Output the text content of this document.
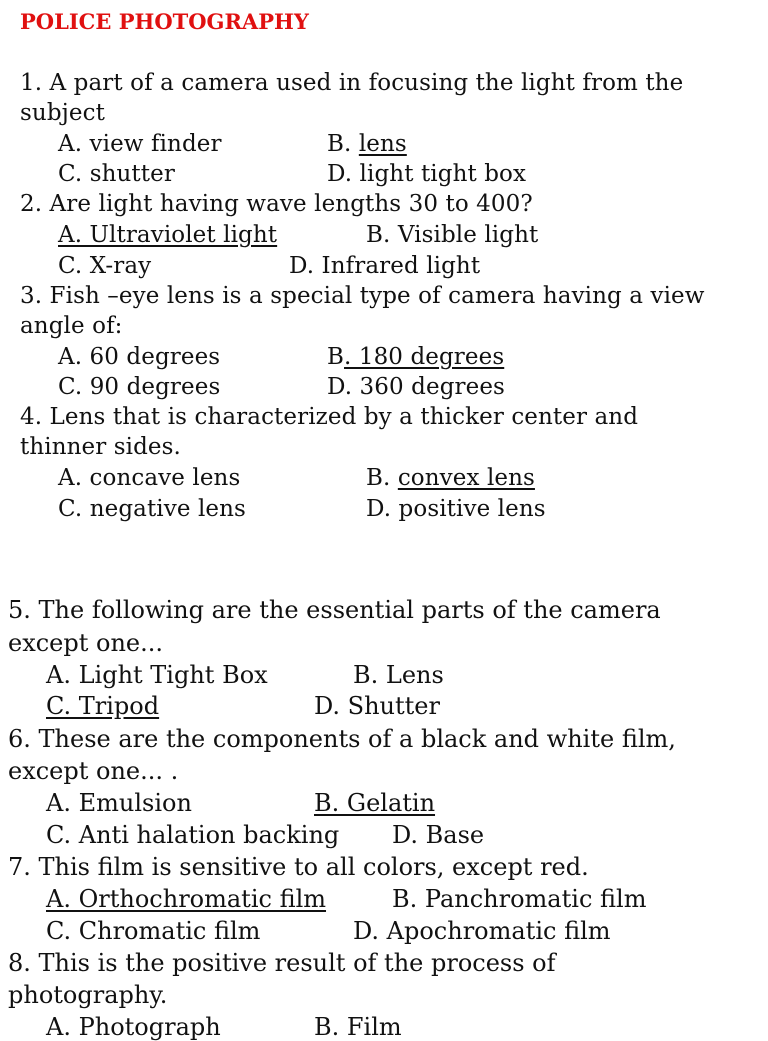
POLICE PHOTOGRAPHY
1. A part of a camera used in focusing the light from the
subject
A. view finder	B. lens
C. shutter	D. light tight box
2. Are light having wave lengths 30 to 400?
A. Ultraviolet light	B. Visible light
C. X-ray	D. Infrared light
3. Fish –eye lens is a special type of camera having a view
angle of:
A. 60 degrees	B. 180 degrees
C. 90 degrees	D. 360 degrees
4. Lens that is characterized by a thicker center and
thinner sides.
A. concave lens	B. convex lens
C. negative lens	D. positive lens
5. The following are the essential parts of the camera
except one...
A. Light Tight Box	B. Lens
C. Tripod	D. Shutter
6. These are the components of a black and white film,
except one... .
A. Emulsion	B. Gelatin
C. Anti halation backing D. Base
7. This film is sensitive to all colors, except red.
A. Orthochromatic film	B. Panchromatic film
C. Chromatic film	D. Apochromatic film
8. This is the positive result of the process of
photography.
A. Photograph	B. Film
